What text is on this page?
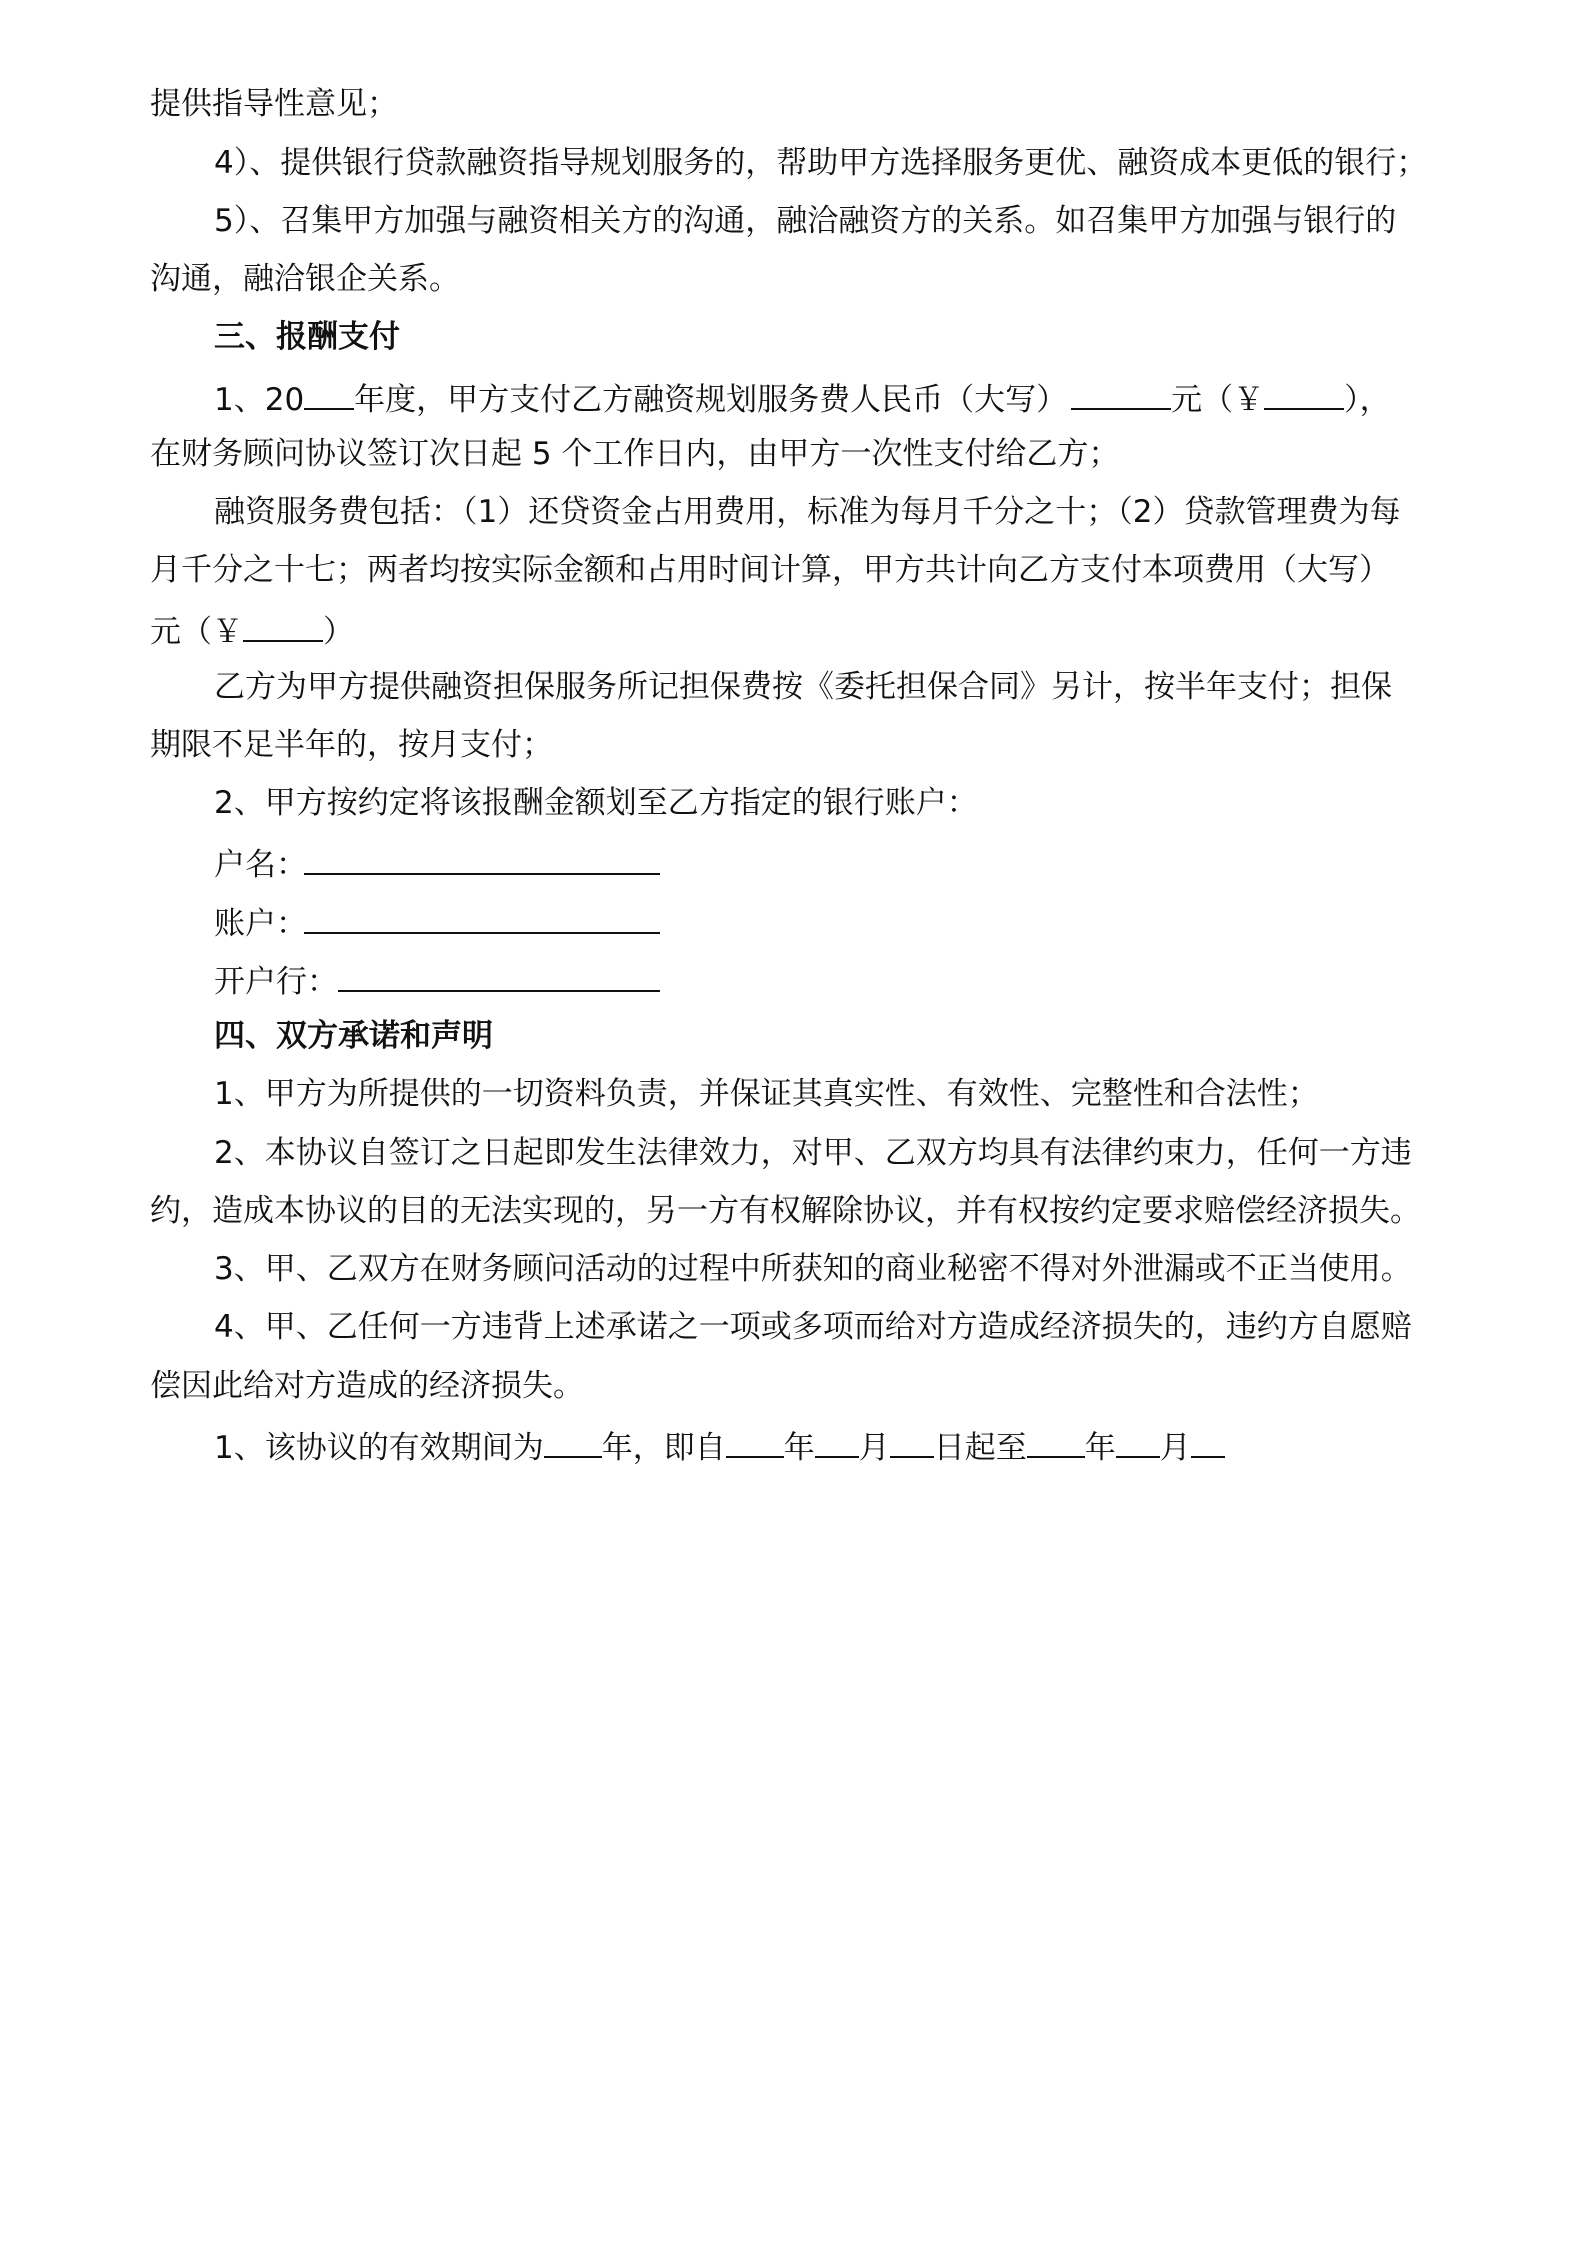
提供指导性意见；
4）、提供银行贷款融资指导规划服务的，帮助甲方选择服务更优、融资成本更低的银行；
5）、召集甲方加强与融资相关方的沟通，融洽融资方的关系。如召集甲方加强与银行的
沟通，融洽银企关系。
三、报酬支付
1、20 年度，甲方支付乙方融资规划服务费人民币（大写）	元（￥	），
在财务顾问协议签订次日起 5 个工作日内，由甲方一次性支付给乙方；
融资服务费包括：（1）还贷资金占用费用，标准为每月千分之十；（2）贷款管理费为每
月千分之十七；两者均按实际金额和占用时间计算，甲方共计向乙方支付本项费用（大写）
元（￥	）
乙方为甲方提供融资担保服务所记担保费按《委托担保合同》另计，按半年支付；担保
期限不足半年的，按月支付；
2、甲方按约定将该报酬金额划至乙方指定的银行账户：
户名：
账户：
开户行：
四、双方承诺和声明
1、甲方为所提供的一切资料负责，并保证其真实性、有效性、完整性和合法性；
2、本协议自签订之日起即发生法律效力，对甲、乙双方均具有法律约束力，任何一方违
约，造成本协议的目的无法实现的，另一方有权解除协议，并有权按约定要求赔偿经济损失。
3、甲、乙双方在财务顾问活动的过程中所获知的商业秘密不得对外泄漏或不正当使用。
4、甲、乙任何一方违背上述承诺之一项或多项而给对方造成经济损失的，违约方自愿赔
偿因此给对方造成的经济损失。
1、该协议的有效期间为 年，即自 年 月 日起至 年 月
